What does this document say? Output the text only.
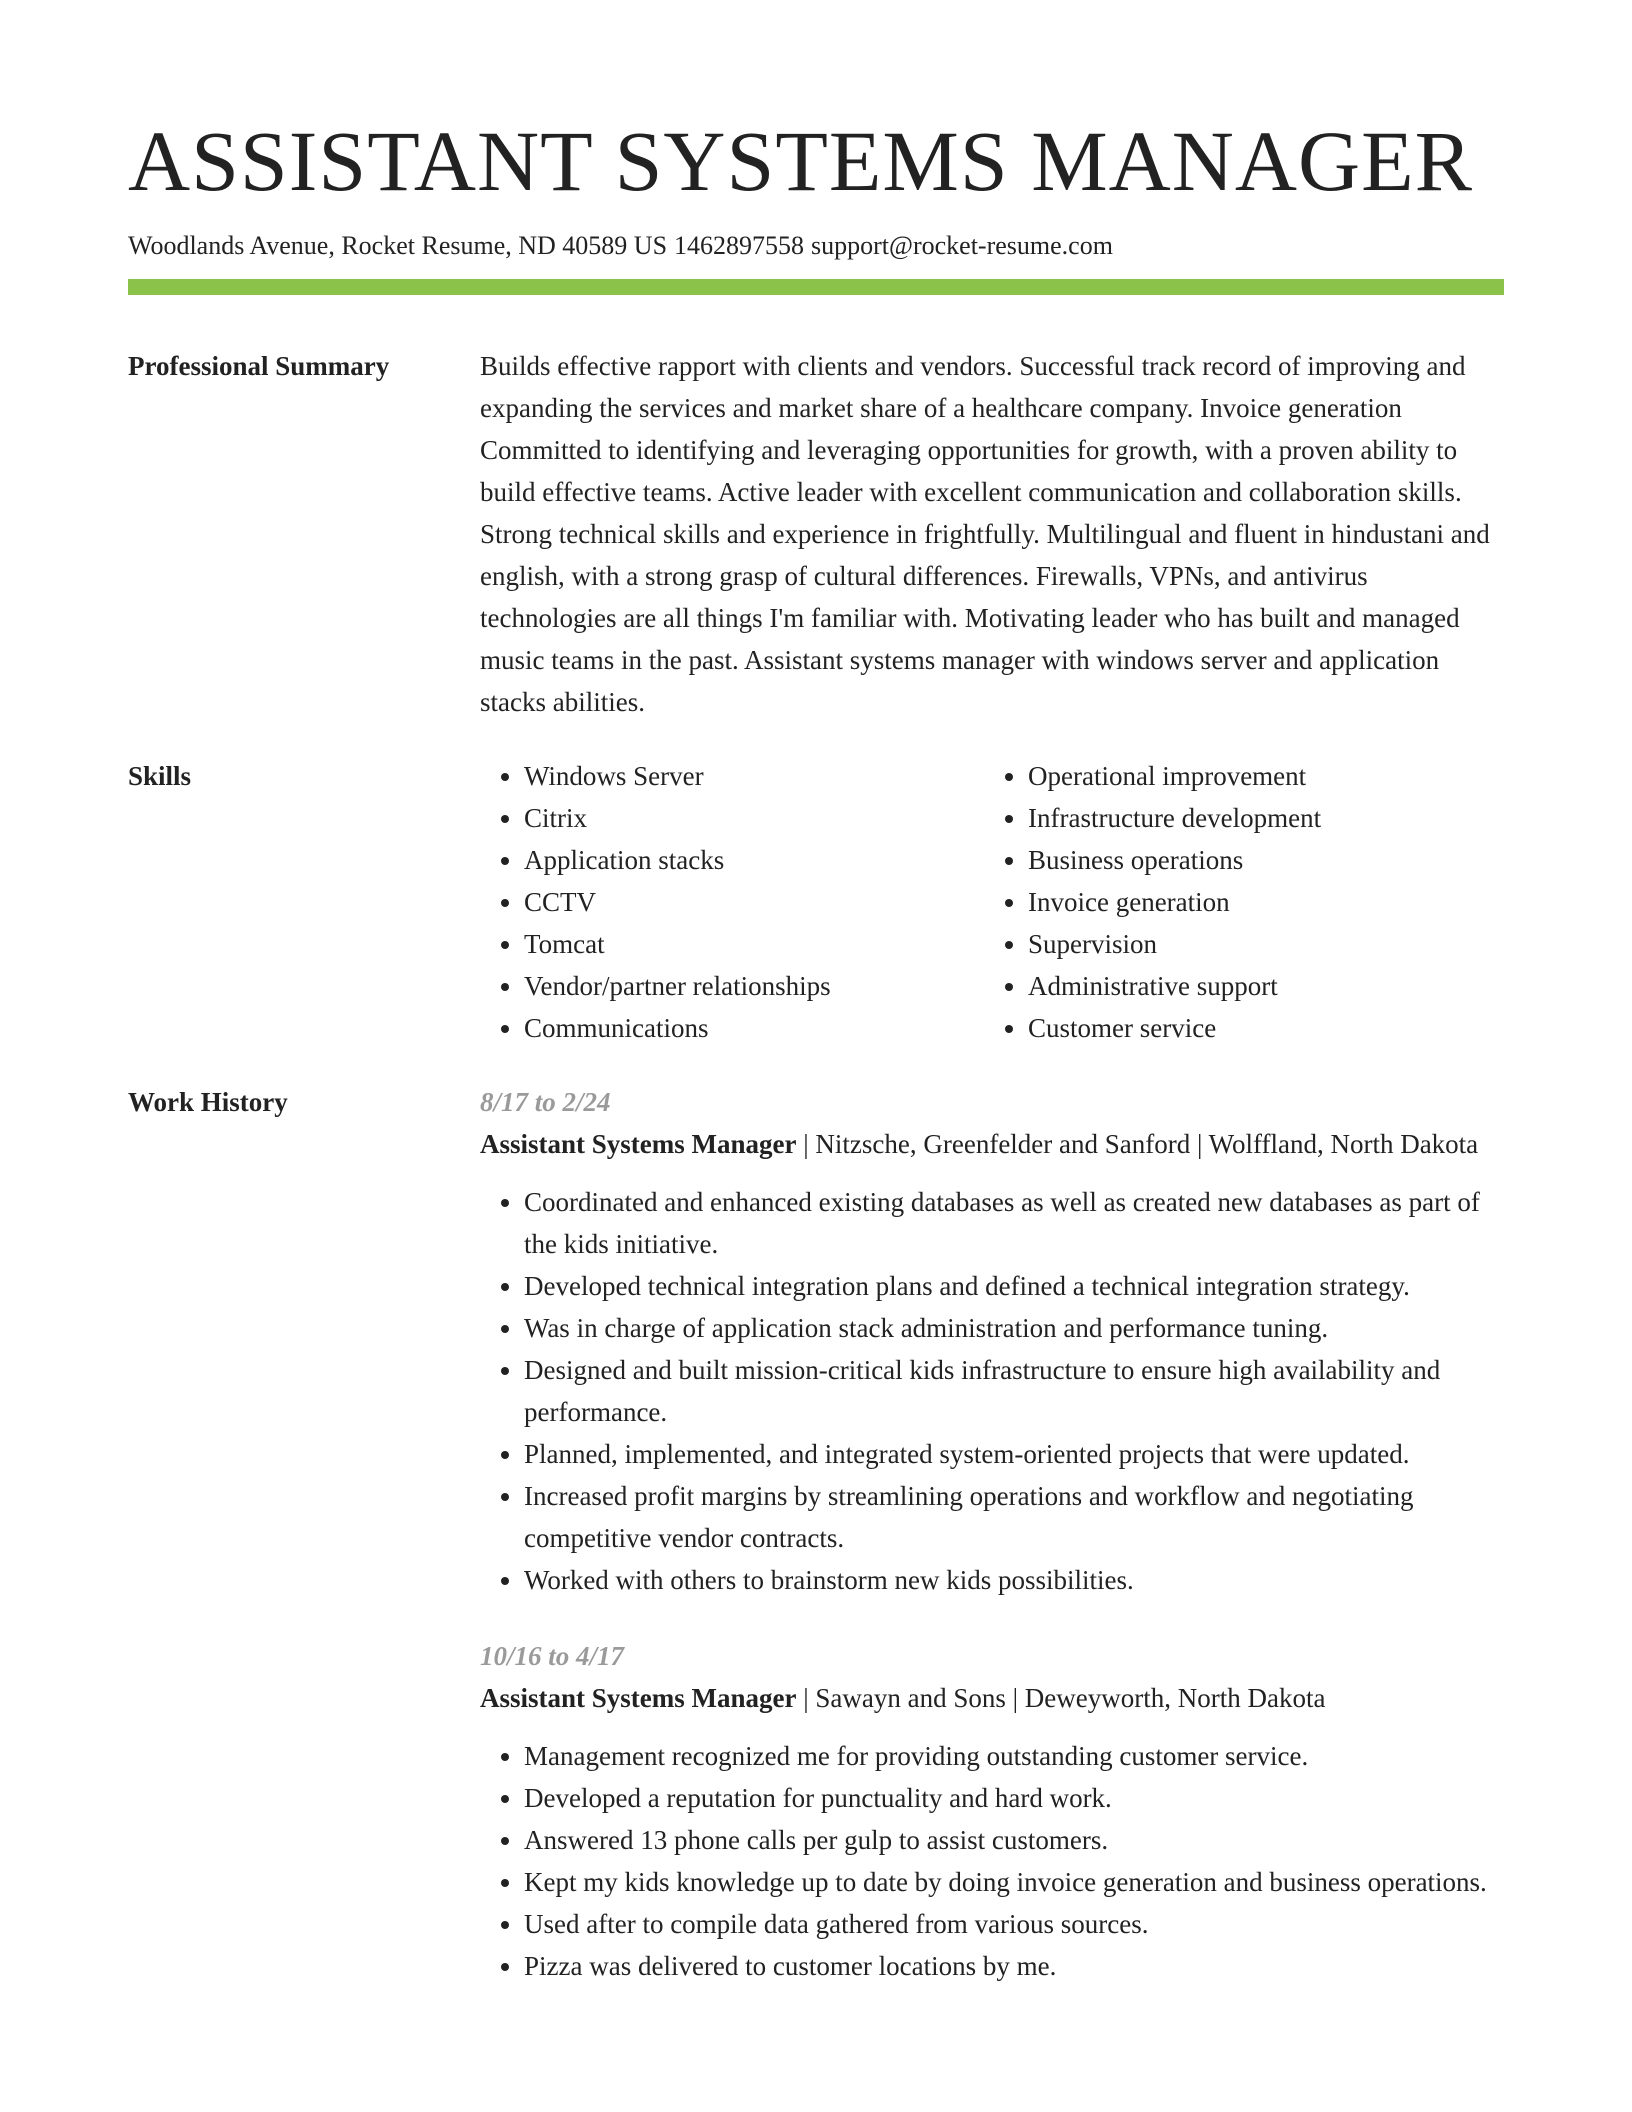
ASSISTANT SYSTEMS MANAGER
Woodlands Avenue, Rocket Resume, ND 40589 US 1462897558 support@rocket-resume.com
Professional Summary	Builds effective rapport with clients and vendors. Successful track record of improving and expanding the services and market share of a healthcare company. Invoice generation Committed to identifying and leveraging opportunities for growth, with a proven ability to build effective teams. Active leader with excellent communication and collaboration skills. Strong technical skills and experience in frightfully. Multilingual and fluent in hindustani and english, with a strong grasp of cultural differences. Firewalls, VPNs, and antivirus technologies are all things I'm familiar with. Motivating leader who has built and managed music teams in the past. Assistant systems manager with windows server and application stacks abilities.

Skills
•	Windows Server
• Citrix
• Application stacks
• CCTV
• Tomcat
• Vendor/partner relationships
• Communications
• Operational improvement
• Infrastructure development
• Business operations
• Invoice generation
• Supervision
• Administrative support
• Customer service
Work History	8/17 to 2/24

Assistant Systems Manager | Nitzsche, Greenfelder and Sanford | Wolffland, North Dakota

• Coordinated and enhanced existing databases as well as created new databases as part of the kids initiative.
• Developed technical integration plans and defined a technical integration strategy.
• Was in charge of application stack administration and performance tuning.
• Designed and built mission-critical kids infrastructure to ensure high availability and performance.
• Planned, implemented, and integrated system-oriented projects that were updated.
• Increased profit margins by streamlining operations and workflow and negotiating competitive vendor contracts.
• Worked with others to brainstorm new kids possibilities.
10/16 to 4/17

Assistant Systems Manager | Sawayn and Sons | Deweyworth, North Dakota

• Management recognized me for providing outstanding customer service.
• Developed a reputation for punctuality and hard work.
• Answered 13 phone calls per gulp to assist customers.
• Kept my kids knowledge up to date by doing invoice generation and business operations.
• Used after to compile data gathered from various sources.
• Pizza was delivered to customer locations by me.
